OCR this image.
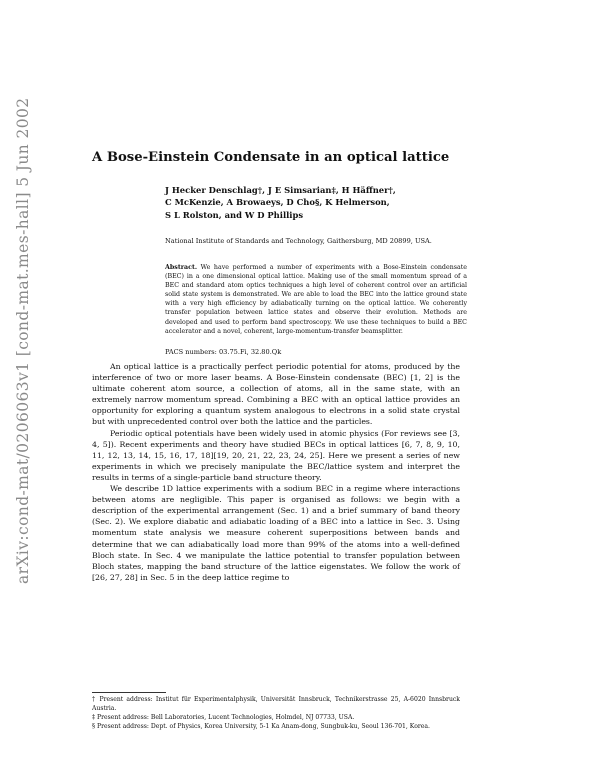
arXiv:cond-mat/0206063v1 [cond-mat.mes-hall] 5 Jun 2002	A Bose-Einstein Condensate in an optical lattice
J Hecker Denschlag†, J E Simsarian‡, H Häffner†,
C McKenzie, A Browaeys, D Cho§, K Helmerson,
S L Rolston, and W D Phillips
National Institute of Standards and Technology, Gaithersburg, MD 20899, USA.
Abstract. We have performed a number of experiments with a Bose-Einstein condensate (BEC) in a one dimensional optical lattice. Making use of the small momentum spread of a BEC and standard atom optics techniques a high level of coherent control over an artificial solid state system is demonstrated. We are able to load the BEC into the lattice ground state with a very high efficiency by adiabatically turning on the optical lattice. We coherently transfer population between lattice states and observe their evolution. Methods are developed and used to perform band spectroscopy. We use these techniques to build a BEC accelerator and a novel, coherent, large-momentum-transfer beamsplitter.
PACS numbers: 03.75.Fi, 32.80.Qk

An optical lattice is a practically perfect periodic potential for atoms, produced by the interference of two or more laser beams. A Bose-Einstein condensate (BEC) [1, 2] is the ultimate coherent atom source, a collection of atoms, all in the same state, with an extremely narrow momentum spread. Combining a BEC with an optical lattice provides an opportunity for exploring a quantum system analogous to electrons in a solid state crystal but with unprecedented control over both the lattice and the particles.

Periodic optical potentials have been widely used in atomic physics (For reviews see [3, 4, 5]). Recent experiments and theory have studied BECs in optical lattices [6, 7, 8, 9, 10, 11, 12, 13, 14, 15, 16, 17, 18][19, 20, 21, 22, 23, 24, 25]. Here we present a series of new experiments in which we precisely manipulate the BEC/lattice system and interpret the results in terms of a single-particle band structure theory.

We describe 1D lattice experiments with a sodium BEC in a regime where interactions between atoms are negligible. This paper is organised as follows: we begin with a description of the experimental arrangement (Sec. 1) and a brief summary of band theory (Sec. 2). We explore diabatic and adiabatic loading of a BEC into a lattice in Sec. 3. Using momentum state analysis we measure coherent superpositions between bands and determine that we can adiabatically load more than 99% of the atoms into a well-defined Bloch state. In Sec. 4 we manipulate the lattice potential to transfer population between Bloch states, mapping the band structure of the lattice eigenstates. We follow the work of [26, 27, 28] in Sec. 5 in the deep lattice regime to

† Present address: Institut für Experimentalphysik, Universität Innsbruck, Technikerstrasse 25, A-6020 Innsbruck Austria.

‡ Present address: Bell Laboratories, Lucent Technologies, Holmdel, NJ 07733, USA.

§ Present address: Dept. of Physics, Korea University, 5-1 Ka Anam-dong, Sungbuk-ku, Seoul 136-701, Korea.
